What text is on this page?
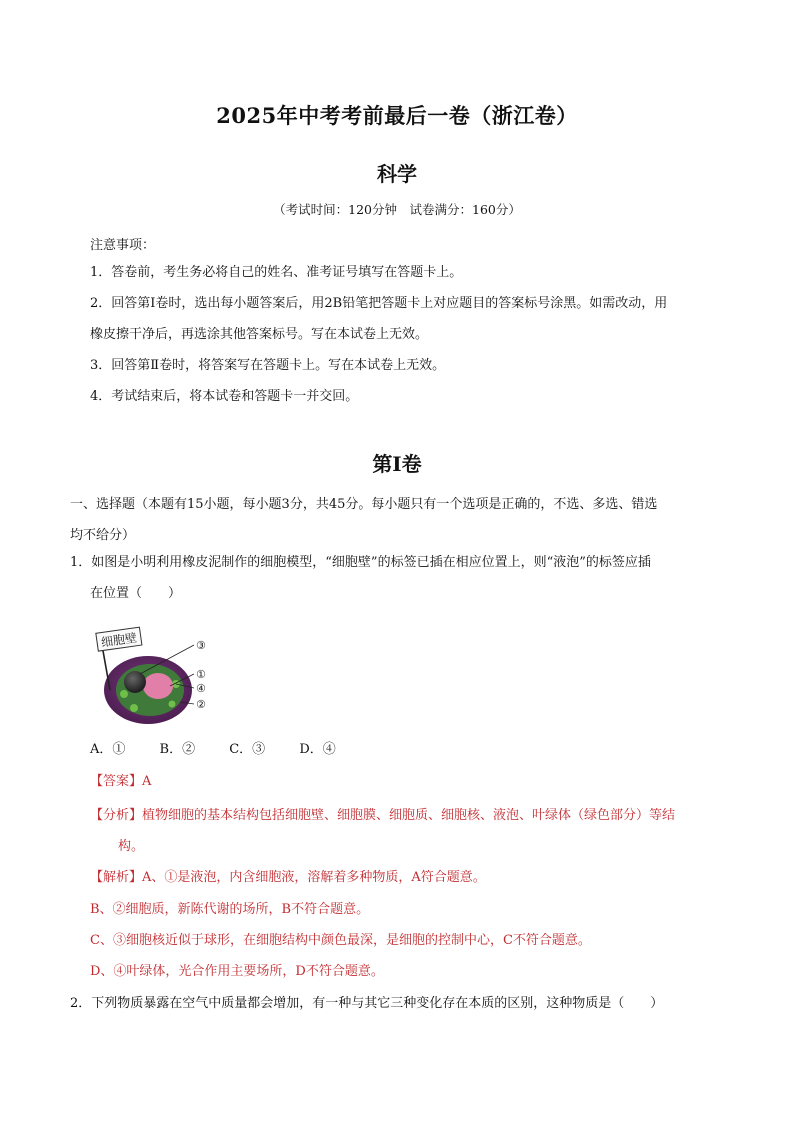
2025年中考考前最后一卷（浙江卷）
科学
（考试时间：120分钟　试卷满分：160分）
注意事项：
1．答卷前，考生务必将自己的姓名、准考证号填写在答题卡上。
2．回答第Ⅰ卷时，选出每小题答案后，用2B铅笔把答题卡上对应题目的答案标号涂黑。如需改动，用
橡皮擦干净后，再选涂其他答案标号。写在本试卷上无效。
3．回答第Ⅱ卷时，将答案写在答题卡上。写在本试卷上无效。
4．考试结束后，将本试卷和答题卡一并交回。
第Ⅰ卷
一、选择题（本题有15小题，每小题3分，共45分。每小题只有一个选项是正确的，不选、多选、错选
均不给分）
1．如图是小明利用橡皮泥制作的细胞模型，“细胞壁”的标签已插在相应位置上，则“液泡”的标签应插
在位置（　　）
细胞壁	③
①
④
②
A．①	B．②	C．③	D．④
【答案】A
【分析】植物细胞的基本结构包括细胞壁、细胞膜、细胞质、细胞核、液泡、叶绿体（绿色部分）等结
构。
【解析】A、①是液泡，内含细胞液，溶解着多种物质，A符合题意。
B、②细胞质，新陈代谢的场所，B不符合题意。
C、③细胞核近似于球形，在细胞结构中颜色最深，是细胞的控制中心，C不符合题意。
D、④叶绿体，光合作用主要场所，D不符合题意。
2．下列物质暴露在空气中质量都会增加，有一种与其它三种变化存在本质的区别，这种物质是（　　）
